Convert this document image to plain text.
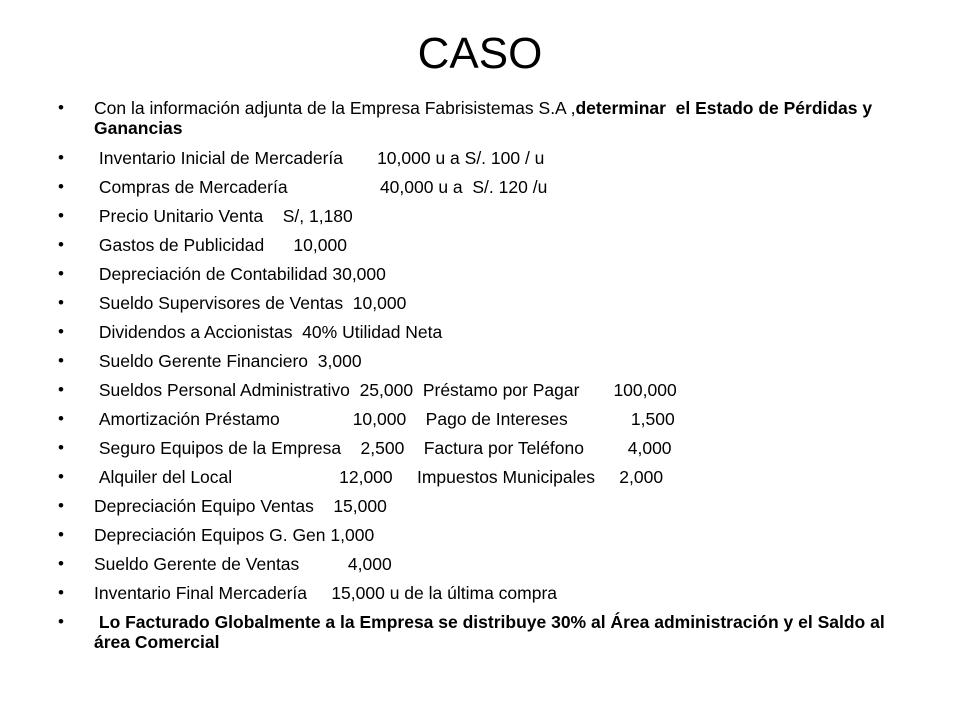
CASO
• Con la información adjunta de la Empresa Fabrisistemas S.A ,determinar  el Estado de Pérdidas y Ganancias
• Inventario Inicial de Mercadería       10,000 u a S/. 100 / u
• Compras de Mercadería                   40,000 u a  S/. 120 /u
• Precio Unitario Venta    S/, 1,180
• Gastos de Publicidad      10,000
• Depreciación de Contabilidad 30,000
• Sueldo Supervisores de Ventas  10,000
• Dividendos a Accionistas  40% Utilidad Neta
• Sueldo Gerente Financiero  3,000
• Sueldos Personal Administrativo  25,000  Préstamo por Pagar       100,000
• Amortización Préstamo               10,000    Pago de Intereses             1,500
• Seguro Equipos de la Empresa    2,500    Factura por Teléfono         4,000
• Alquiler del Local                      12,000     Impuestos Municipales     2,000
• Depreciación Equipo Ventas    15,000
• Depreciación Equipos G. Gen 1,000
• Sueldo Gerente de Ventas          4,000
• Inventario Final Mercadería     15,000 u de la última compra
• Lo Facturado Globalmente a la Empresa se distribuye 30% al Área administración y el Saldo al área Comercial
